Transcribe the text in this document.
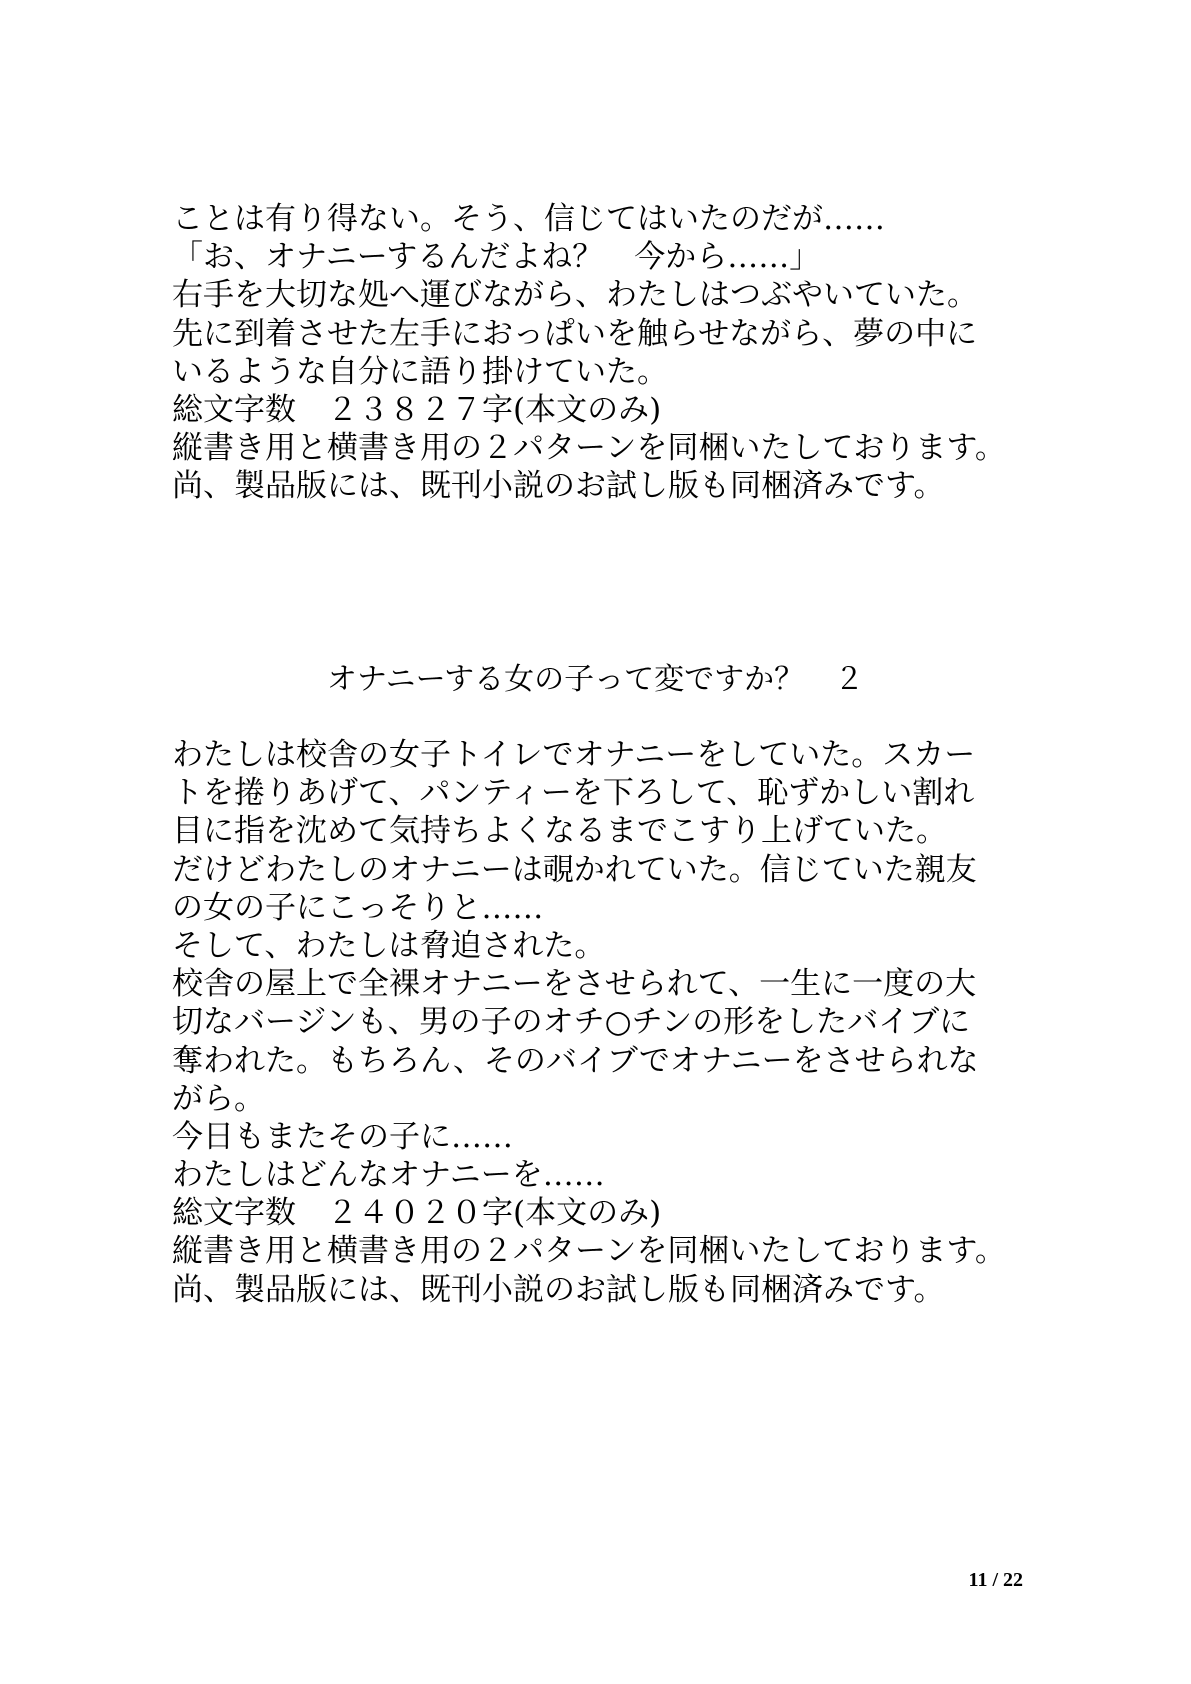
ことは有り得ない。そう、信じてはいたのだが……
「お、オナニーするんだよね？　今から……」
右手を大切な処へ運びながら、わたしはつぶやいていた。
先に到着させた左手におっぱいを触らせながら、夢の中に
いるような自分に語り掛けていた。
総文字数　２３８２７字(本文のみ)
縦書き用と横書き用の２パターンを同梱いたしております。
尚、製品版には、既刊小説のお試し版も同梱済みです。
オナニーする女の子って変ですか？　２
わたしは校舎の女子トイレでオナニーをしていた。スカー
トを捲りあげて、パンティーを下ろして、恥ずかしい割れ
目に指を沈めて気持ちよくなるまでこすり上げていた。
だけどわたしのオナニーは覗かれていた。信じていた親友
の女の子にこっそりと……
そして、わたしは脅迫された。
校舎の屋上で全裸オナニーをさせられて、一生に一度の大
切なバージンも、男の子のオチ○チンの形をしたバイブに
奪われた。もちろん、そのバイブでオナニーをさせられな
がら。
今日もまたその子に……
わたしはどんなオナニーを……
総文字数　２４０２０字(本文のみ)
縦書き用と横書き用の２パターンを同梱いたしております。
尚、製品版には、既刊小説のお試し版も同梱済みです。
11 / 22
